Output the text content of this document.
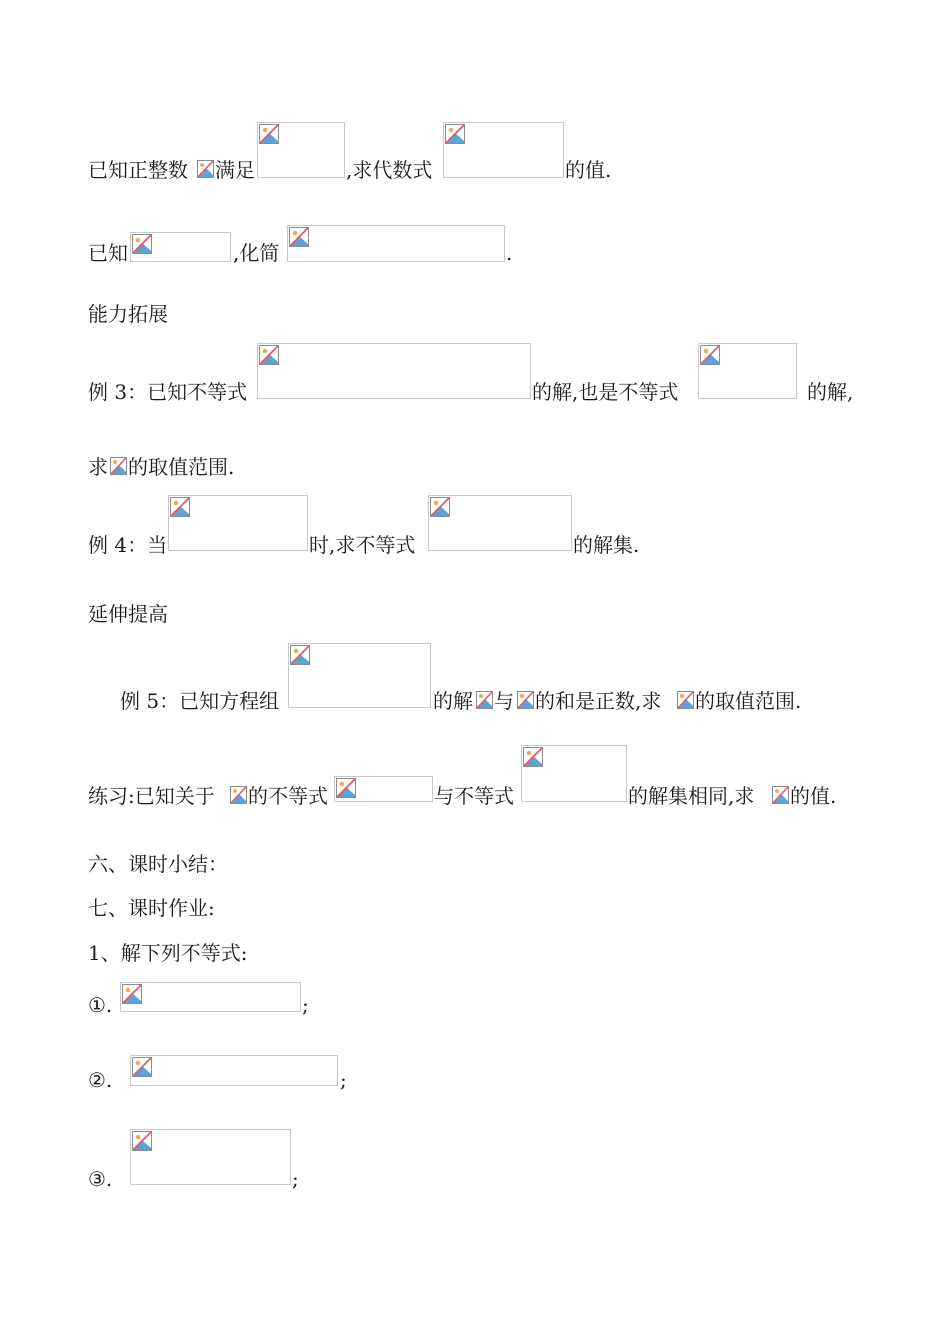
已知正整数 满足	,求代数式	的值.
已知	,化简	.
能力拓展
例 3：已知不等式	的解,也是不等式	的解,
求 的取值范围.
例 4：当	时,求不等式	的解集.
延伸提高
例 5：已知方程组	的解 与 的和是正数,求 的取值范围.
练习:已知关于 的不等式	与不等式	的解集相同,求 的值.
六、课时小结：
七、课时作业:
1、解下列不等式:
①.	;
②.	;
③.	;
